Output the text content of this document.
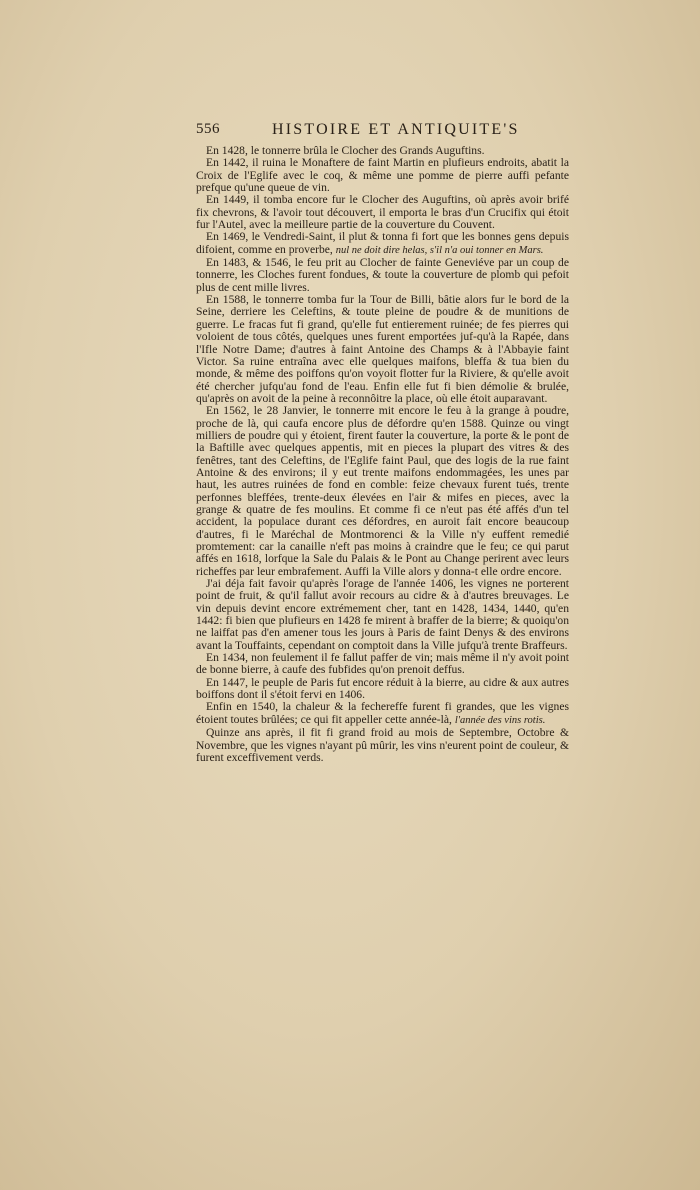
556	HISTOIRE ET ANTIQUITE'S

En 1428, le tonnerre brûla le Clocher des Grands Auguftins.

En 1442, il ruina le Monaftere de faint Martin en plufieurs endroits, abatit la Croix de l'Eglife avec le coq, & même une pomme de pierre auffi pefante prefque qu'une queue de vin.

En 1449, il tomba encore fur le Clocher des Auguftins, où après avoir brifé fix chevrons, & l'avoir tout découvert, il emporta le bras d'un Crucifix qui étoit fur l'Autel, avec la meilleure partie de la couverture du Couvent.

En 1469, le Vendredi-Saint, il plut & tonna fi fort que les bonnes gens depuis difoient, comme en proverbe, nul ne doit dire helas, s'il n'a oui tonner en Mars.

En 1483, & 1546, le feu prit au Clocher de fainte Geneviéve par un coup de tonnerre, les Cloches furent fondues, & toute la couverture de plomb qui pefoit plus de cent mille livres.

En 1588, le tonnerre tomba fur la Tour de Billi, bâtie alors fur le bord de la Seine, derriere les Celeftins, & toute pleine de poudre & de munitions de guerre. Le fracas fut fi grand, qu'elle fut entierement ruinée; de fes pierres qui voloient de tous côtés, quelques unes furent emportées juf-qu'à la Rapée, dans l'Ifle Notre Dame; d'autres à faint Antoine des Champs & à l'Abbayie faint Victor. Sa ruine entraîna avec elle quelques maifons, bleffa & tua bien du monde, & même des poiffons qu'on voyoit flotter fur la Riviere, & qu'elle avoit été chercher jufqu'au fond de l'eau. Enfin elle fut fi bien démolie & brulée, qu'après on avoit de la peine à reconnôitre la place, où elle étoit auparavant.

En 1562, le 28 Janvier, le tonnerre mit encore le feu à la grange à poudre, proche de là, qui caufa encore plus de défordre qu'en 1588. Quinze ou vingt milliers de poudre qui y étoient, firent fauter la couverture, la porte & le pont de la Baftille avec quelques appentis, mit en pieces la plupart des vitres & des fenêtres, tant des Celeftins, de l'Eglife faint Paul, que des logis de la rue faint Antoine & des environs; il y eut trente maifons endommagées, les unes par haut, les autres ruinées de fond en comble: feize chevaux furent tués, trente perfonnes bleffées, trente-deux élevées en l'air & mifes en pieces, avec la grange & quatre de fes moulins. Et comme fi ce n'eut pas été affés d'un tel accident, la populace durant ces défordres, en auroit fait encore beaucoup d'autres, fi le Maréchal de Montmorenci & la Ville n'y euffent remedié promtement: car la canaille n'eft pas moins à craindre que le feu; ce qui parut affés en 1618, lorfque la Sale du Palais & le Pont au Change perirent avec leurs richeffes par leur embrafement. Auffi la Ville alors y donna-t elle ordre encore.

J'ai déja fait favoir qu'après l'orage de l'année 1406, les vignes ne porterent point de fruit, & qu'il fallut avoir recours au cidre & à d'autres breuvages. Le vin depuis devint encore extrémement cher, tant en 1428, 1434, 1440, qu'en 1442: fi bien que plufieurs en 1428 fe mirent à braffer de la bierre; & quoiqu'on ne laiffat pas d'en amener tous les jours à Paris de faint Denys & des environs avant la Touffaints, cependant on comptoit dans la Ville jufqu'à trente Braffeurs.

En 1434, non feulement il fe fallut paffer de vin; mais même il n'y avoit point de bonne bierre, à caufe des fubfides qu'on prenoit deffus.

En 1447, le peuple de Paris fut encore réduit à la bierre, au cidre & aux autres boiffons dont il s'étoit fervi en 1406.

Enfin en 1540, la chaleur & la fechereffe furent fi grandes, que les vignes étoient toutes brûlées; ce qui fit appeller cette année-là, l'année des vins rotis.

Quinze ans après, il fit fi grand froid au mois de Septembre, Octobre & Novembre, que les vignes n'ayant pû mûrir, les vins n'eurent point de couleur, & furent exceffivement verds.
